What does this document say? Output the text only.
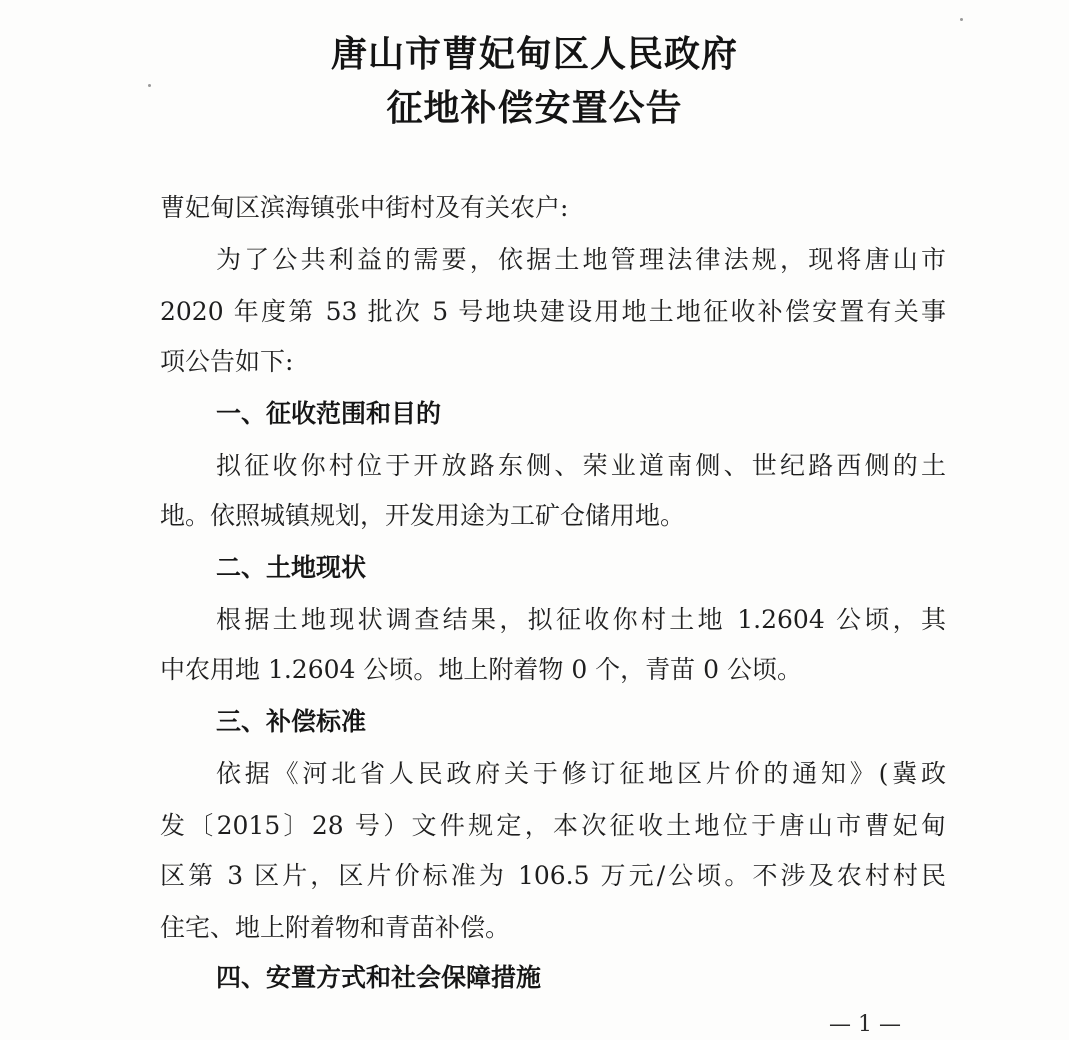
唐山市曹妃甸区人民政府
征地补偿安置公告

曹妃甸区滨海镇张中街村及有关农户:

为了公共利益的需要，依据土地管理法律法规，现将唐山市

2020 年度第 53 批次 5 号地块建设用地土地征收补偿安置有关事

项公告如下:

一、征收范围和目的

拟征收你村位于开放路东侧、荣业道南侧、世纪路西侧的土

地。依照城镇规划，开发用途为工矿仓储用地。

二、土地现状

根据土地现状调查结果，拟征收你村土地 1.2604 公顷，其

中农用地 1.2604 公顷。地上附着物 0 个，青苗 0 公顷。

三、补偿标准

依据《河北省人民政府关于修订征地区片价的通知》(冀政

发〔2015〕28 号）文件规定，本次征收土地位于唐山市曹妃甸

区第 3 区片，区片价标准为 106.5 万元/公顷。不涉及农村村民

住宅、地上附着物和青苗补偿。

四、安置方式和社会保障措施

— 1 —
